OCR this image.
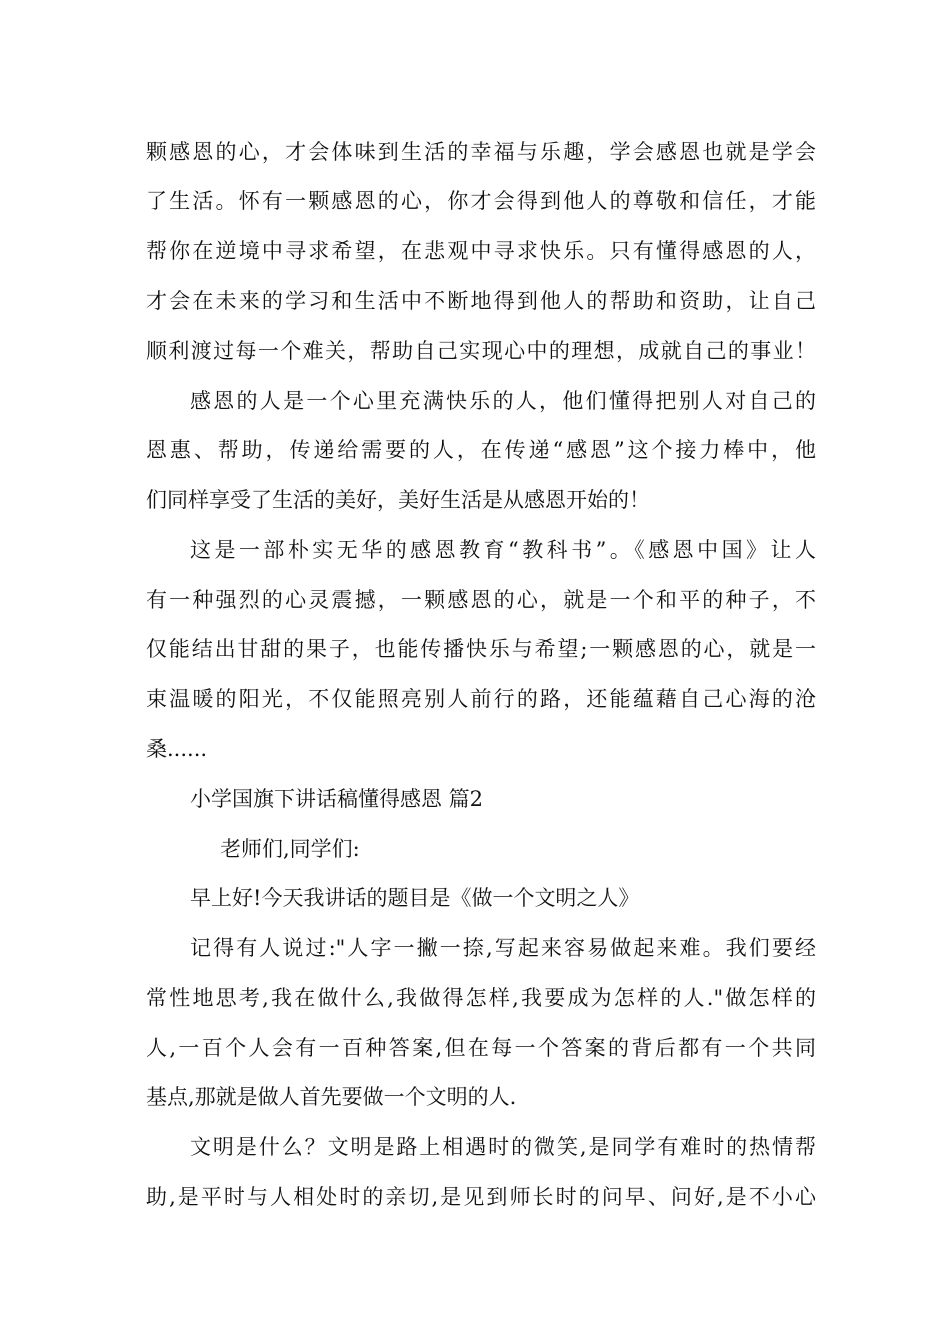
颗感恩的心，才会体味到生活的幸福与乐趣，学会感恩也就是学会
了生活。怀有一颗感恩的心，你才会得到他人的尊敬和信任，才能
帮你在逆境中寻求希望，在悲观中寻求快乐。只有懂得感恩的人，
才会在未来的学习和生活中不断地得到他人的帮助和资助，让自己
顺利渡过每一个难关，帮助自己实现心中的理想，成就自己的事业！
感恩的人是一个心里充满快乐的人，他们懂得把别人对自己的
恩惠、帮助，传递给需要的人，在传递“感恩”这个接力棒中，他
们同样享受了生活的美好，美好生活是从感恩开始的！
这是一部朴实无华的感恩教育“教科书”。《感恩中国》让人
有一种强烈的心灵震撼，一颗感恩的心，就是一个和平的种子，不
仅能结出甘甜的果子，也能传播快乐与希望;一颗感恩的心，就是一
束温暖的阳光，不仅能照亮别人前行的路，还能蕴藉自己心海的沧
桑......
小学国旗下讲话稿懂得感恩 篇2
老师们,同学们:
早上好!今天我讲话的题目是《做一个文明之人》
记得有人说过:"人字一撇一捺,写起来容易做起来难。我们要经
常性地思考,我在做什么,我做得怎样,我要成为怎样的人."做怎样的
人,一百个人会有一百种答案,但在每一个答案的背后都有一个共同
基点,那就是做人首先要做一个文明的人.
文明是什么？文明是路上相遇时的微笑,是同学有难时的热情帮
助,是平时与人相处时的亲切,是见到师长时的问早、问好,是不小心
